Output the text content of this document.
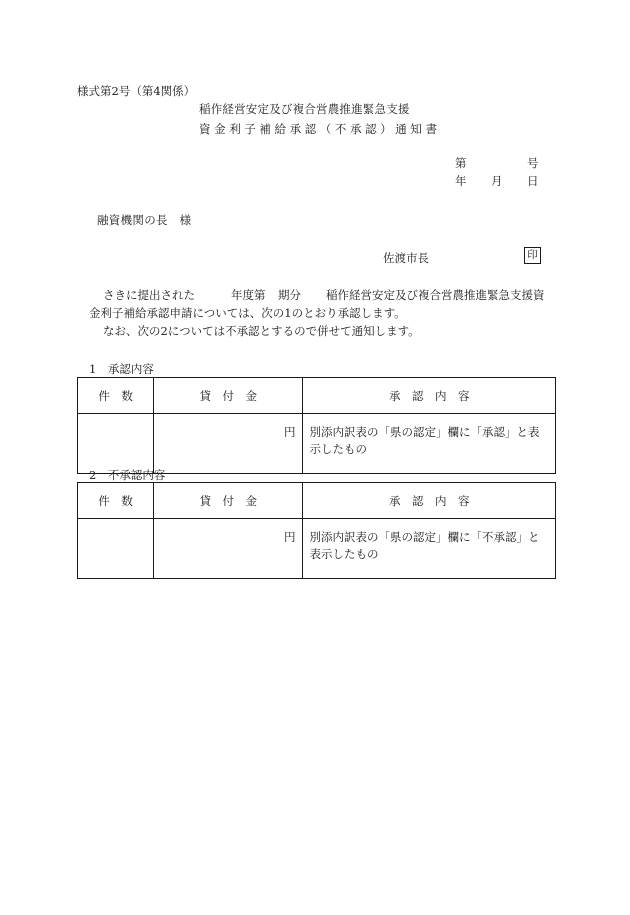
様式第2号（第4関係）
稲作経営安定及び複合営農推進緊急支援
資金利子補給承認（不承認）通知書
第	号
年 月 日
融資機関の長　様
佐渡市長	印
さきに提出された	年度第 期分 稲作経営安定及び複合営農推進緊急支援資
金利子補給承認申請については、次の1のとおり承認します。
なお、次の2については不承認とするので併せて通知します。
1　承認内容
件　数	貸　付　金	承　認　内　容
	円	別添内訳表の「県の認定」欄に「承認」と表示したもの
2　不承認内容
件　数	貸　付　金	承　認　内　容
	円	別添内訳表の「県の認定」欄に「不承認」と表示したもの
